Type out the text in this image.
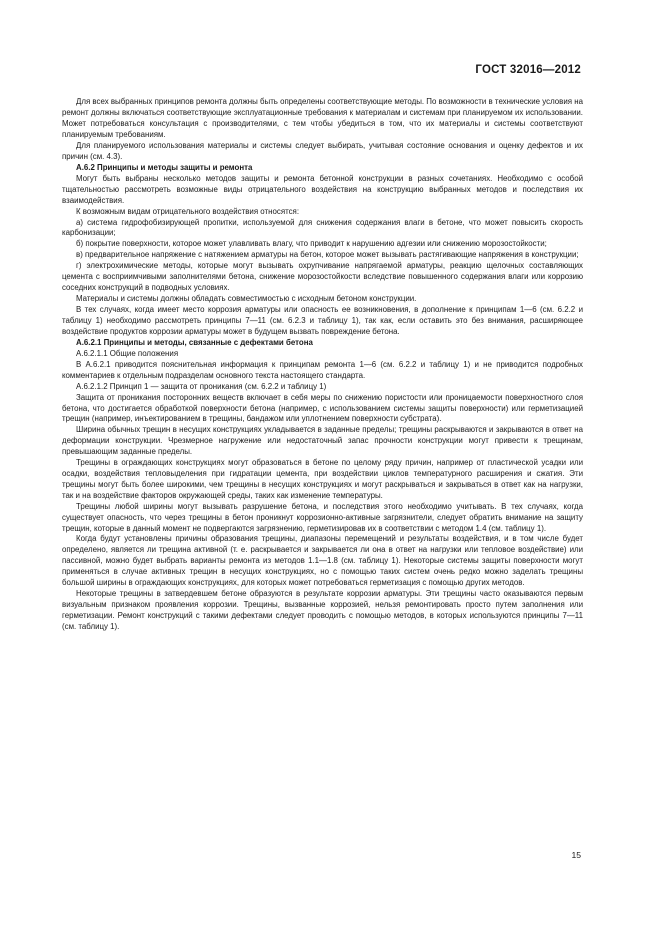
ГОСТ 32016—2012

Для всех выбранных принципов ремонта должны быть определены соответствующие методы. По возможности в технические условия на ремонт должны включаться соответствующие эксплуатационные требования к материалам и системам при планируемом их использовании. Может потребоваться консультация с производителями, с тем чтобы убедиться в том, что их материалы и системы соответствуют планируемым требованиям.

Для планируемого использования материалы и системы следует выбирать, учитывая состояние основания и оценку дефектов и их причин (см. 4.3).

А.6.2 Принципы и методы защиты и ремонта

Могут быть выбраны несколько методов защиты и ремонта бетонной конструкции в разных сочетаниях. Необходимо с особой тщательностью рассмотреть возможные виды отрицательного воздействия на конструкцию выбранных методов и последствия их взаимодействия.

К возможным видам отрицательного воздействия относятся:

а) система гидрофобизирующей пропитки, используемой для снижения содержания влаги в бетоне, что может повысить скорость карбонизации;

б) покрытие поверхности, которое может улавливать влагу, что приводит к нарушению адгезии или снижению морозостойкости;

в) предварительное напряжение с натяжением арматуры на бетон, которое может вызывать растягивающие напряжения в конструкции;

г) электрохимические методы, которые могут вызывать охрупчивание напрягаемой арматуры, реакцию щелочных составляющих цемента с восприимчивыми заполнителями бетона, снижение морозостойкости вследствие повышенного содержания влаги или коррозию соседних конструкций в подводных условиях.

Материалы и системы должны обладать совместимостью с исходным бетоном конструкции.

В тех случаях, когда имеет место коррозия арматуры или опасность ее возникновения, в дополнение к принципам 1—6 (см. 6.2.2 и таблицу 1) необходимо рассмотреть принципы 7—11 (см. 6.2.3 и таблицу 1), так как, если оставить это без внимания, расширяющее воздействие продуктов коррозии арматуры может в будущем вызвать повреждение бетона.

А.6.2.1 Принципы и методы, связанные с дефектами бетона

А.6.2.1.1 Общие положения

В А.6.2.1 приводится пояснительная информация к принципам ремонта 1—6 (см. 6.2.2 и таблицу 1) и не приводится подробных комментариев к отдельным подразделам основного текста настоящего стандарта.

А.6.2.1.2 Принцип 1 — защита от проникания (см. 6.2.2 и таблицу 1)

Защита от проникания посторонних веществ включает в себя меры по снижению пористости или проницаемости поверхностного слоя бетона, что достигается обработкой поверхности бетона (например, с использованием системы защиты поверхности) или герметизацией трещин (например, инъектированием в трещины, бандажом или уплотнением поверхности субстрата).

Ширина обычных трещин в несущих конструкциях укладывается в заданные пределы; трещины раскрываются и закрываются в ответ на деформации конструкции. Чрезмерное нагружение или недостаточный запас прочности конструкции могут привести к трещинам, превышающим заданные пределы.

Трещины в ограждающих конструкциях могут образоваться в бетоне по целому ряду причин, например от пластической усадки или осадки, воздействия тепловыделения при гидратации цемента, при воздействии циклов температурного расширения и сжатия. Эти трещины могут быть более широкими, чем трещины в несущих конструкциях и могут раскрываться и закрываться в ответ как на нагрузки, так и на воздействие факторов окружающей среды, таких как изменение температуры.

Трещины любой ширины могут вызывать разрушение бетона, и последствия этого необходимо учитывать. В тех случаях, когда существует опасность, что через трещины в бетон проникнут коррозионно-активные загрязнители, следует обратить внимание на защиту трещин, которые в данный момент не подвергаются загрязнению, герметизировав их в соответствии с методом 1.4 (см. таблицу 1).

Когда будут установлены причины образования трещины, диапазоны перемещений и результаты воздействия, и в том числе будет определено, является ли трещина активной (т. е. раскрывается и закрывается ли она в ответ на нагрузки или тепловое воздействие) или пассивной, можно будет выбрать варианты ремонта из методов 1.1—1.8 (см. таблицу 1). Некоторые системы защиты поверхности могут применяться в случае активных трещин в несущих конструкциях, но с помощью таких систем очень редко можно заделать трещины большой ширины в ограждающих конструкциях, для которых может потребоваться герметизация с помощью других методов.

Некоторые трещины в затвердевшем бетоне образуются в результате коррозии арматуры. Эти трещины часто оказываются первым визуальным признаком проявления коррозии. Трещины, вызванные коррозией, нельзя ремонтировать просто путем заполнения или герметизации. Ремонт конструкций с такими дефектами следует проводить с помощью методов, в которых используются принципы 7—11 (см. таблицу 1).

15
